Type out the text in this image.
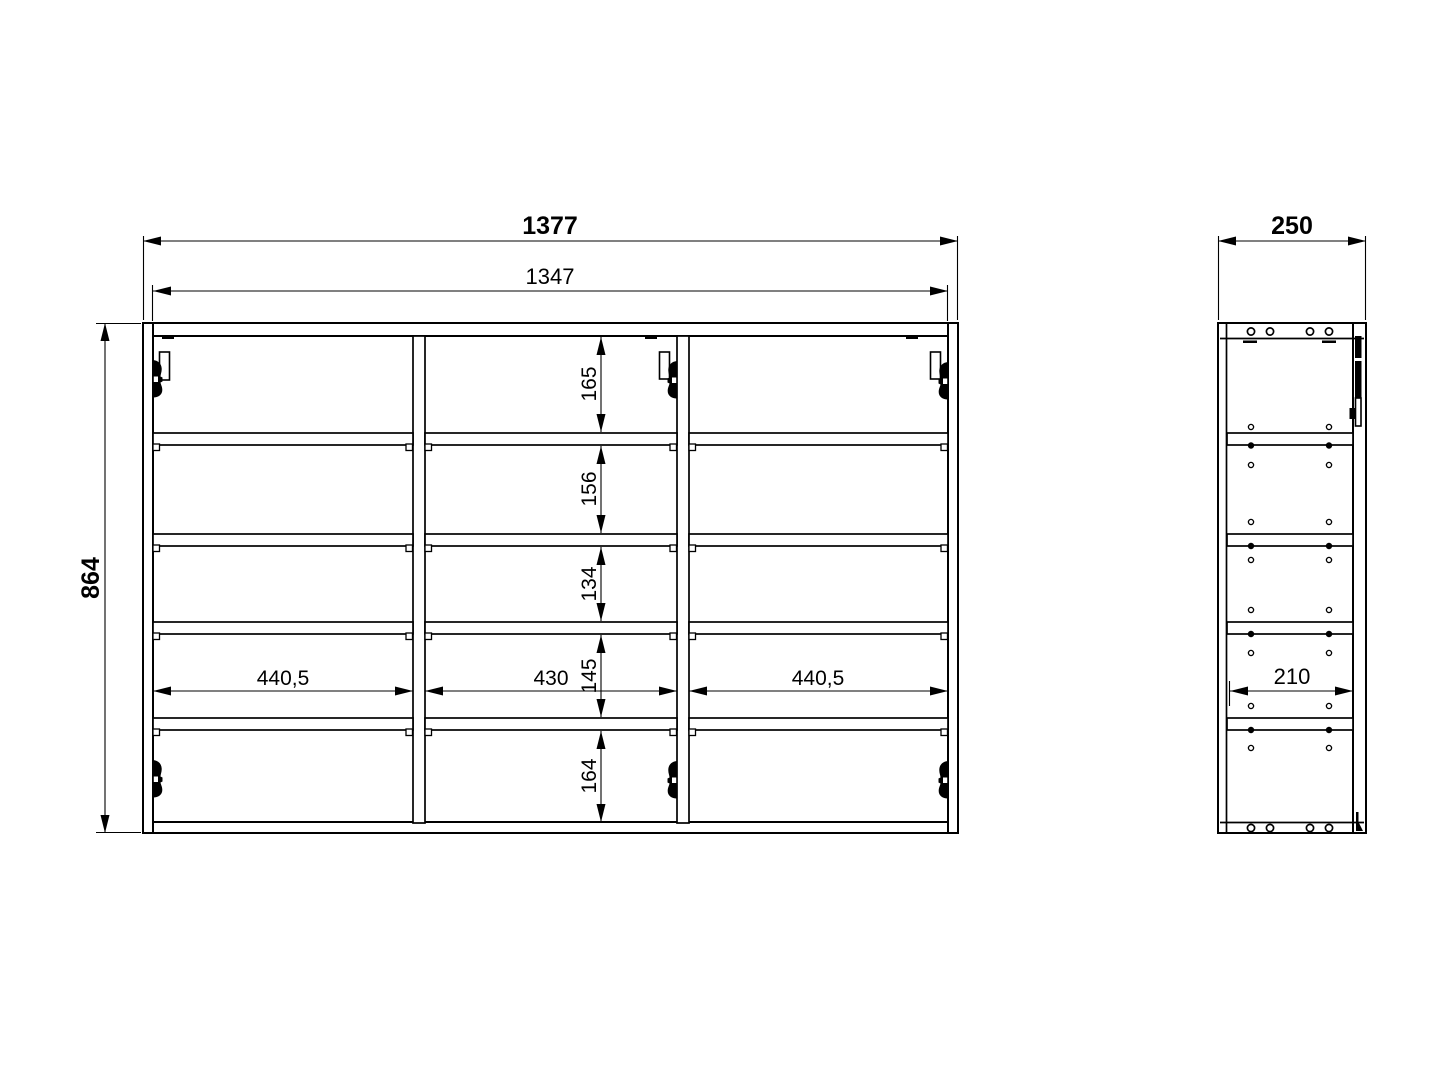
1377
1347
864
440,5	430	440,5
165
156
134
145
164
250
210
